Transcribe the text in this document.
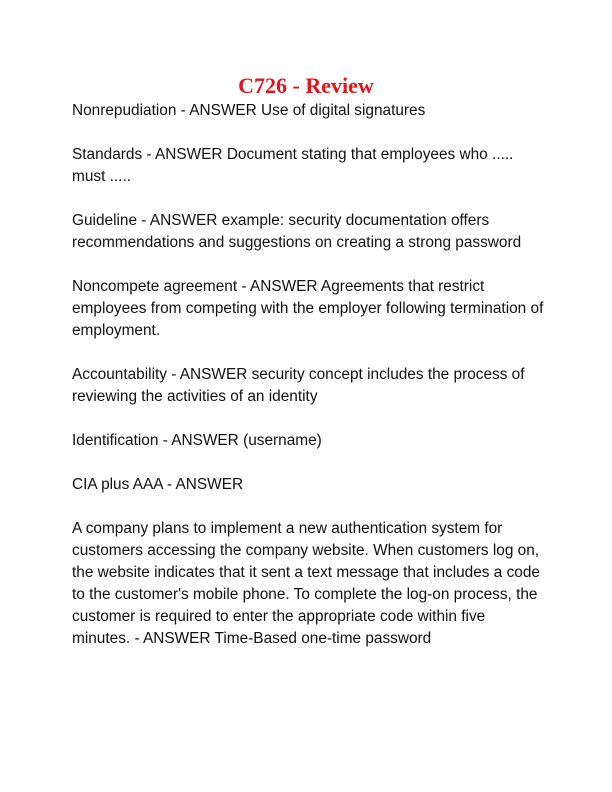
C726 - Review

Nonrepudiation - ANSWER Use of digital signatures

Standards - ANSWER Document stating that employees who ..... must .....

Guideline - ANSWER example: security documentation offers recommendations and suggestions on creating a strong password

Noncompete agreement - ANSWER Agreements that restrict employees from competing with the employer following termination of employment.

Accountability - ANSWER security concept includes the process of reviewing the activities of an identity

Identification - ANSWER (username)

CIA plus AAA - ANSWER

A company plans to implement a new authentication system for customers accessing the company website. When customers log on, the website indicates that it sent a text message that includes a code to the customer's mobile phone. To complete the log-on process, the customer is required to enter the appropriate code within five minutes. - ANSWER Time-Based one-time password
